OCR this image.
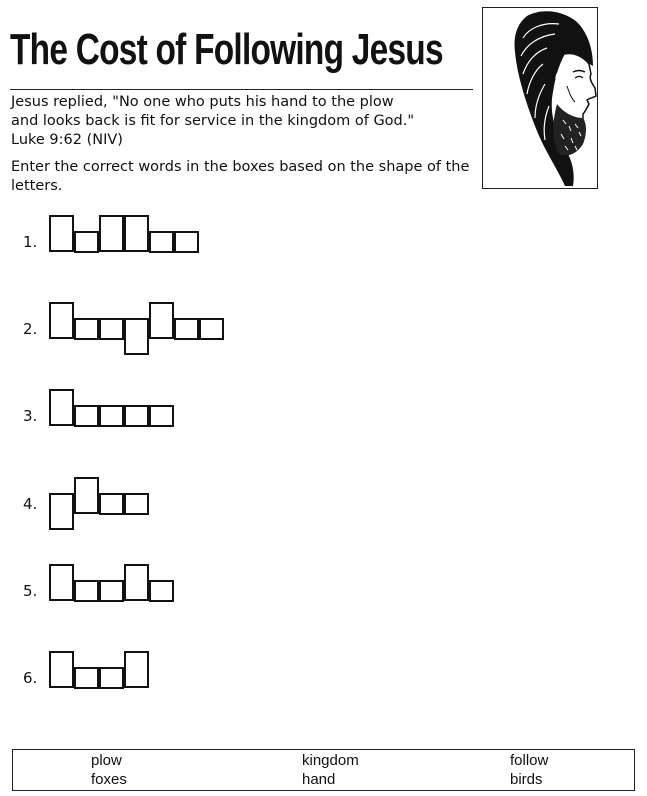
The Cost of Following Jesus

Jesus replied, "No one who puts his hand to the plow
and looks back is fit for service in the kingdom of God."
Luke 9:62 (NIV)

Enter the correct words in the boxes based on the shape of the letters.

1.
2.
3.
4.
5.
6.
plow	kingdom	follow
foxes	hand	birds
